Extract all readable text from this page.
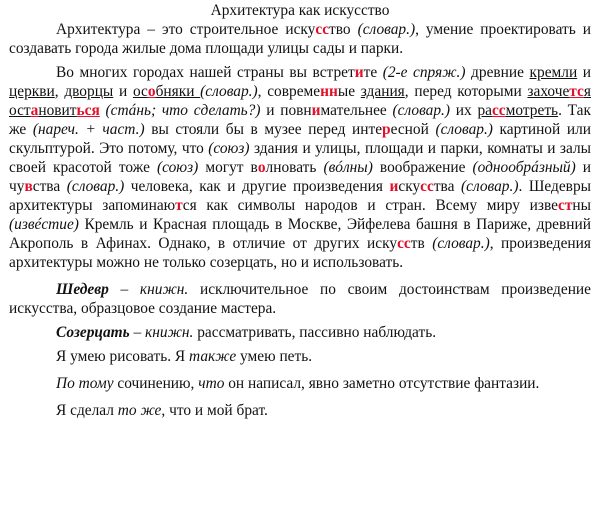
Архитектура как искусство

Архитектура – это строительное искусство (словар.), умение проектировать и создавать города жилые дома площади улицы сады и парки.

Во многих городах нашей страны вы встретите (2-е спряж.) древние кремли и церкви, дворцы и особняки (словар.), современные здания, перед которыми захочется остановиться (стáнь; что сделать?) и повнимательнее (словар.) их рассмотреть. Так же (нареч. + част.) вы стояли бы в музее перед интересной (словар.) картиной или скульптурой. Это потому, что (союз) здания и улицы, площади и парки, комнаты и залы своей красотой тоже (союз) могут волновать (вóлны) воображение (однообрáзный) и чувства (словар.) человека, как и другие произведения искусства (словар.). Шедевры архитектуры запоминаются как символы народов и стран. Всему миру известны (извéстие) Кремль и Красная площадь в Москве, Эйфелева башня в Париже, древний Акрополь в Афинах. Однако, в отличие от других искусств (словар.), произведения архитектуры можно не только созерцать, но и использовать.

Шедевр – книжн. исключительное по своим достоинствам произведение искусства, образцовое создание мастера.

Созерцать – книжн. рассматривать, пассивно наблюдать.

Я умею рисовать. Я также умею петь.

По тому сочинению, что он написал, явно заметно отсутствие фантазии.

Я сделал то же, что и мой брат.
